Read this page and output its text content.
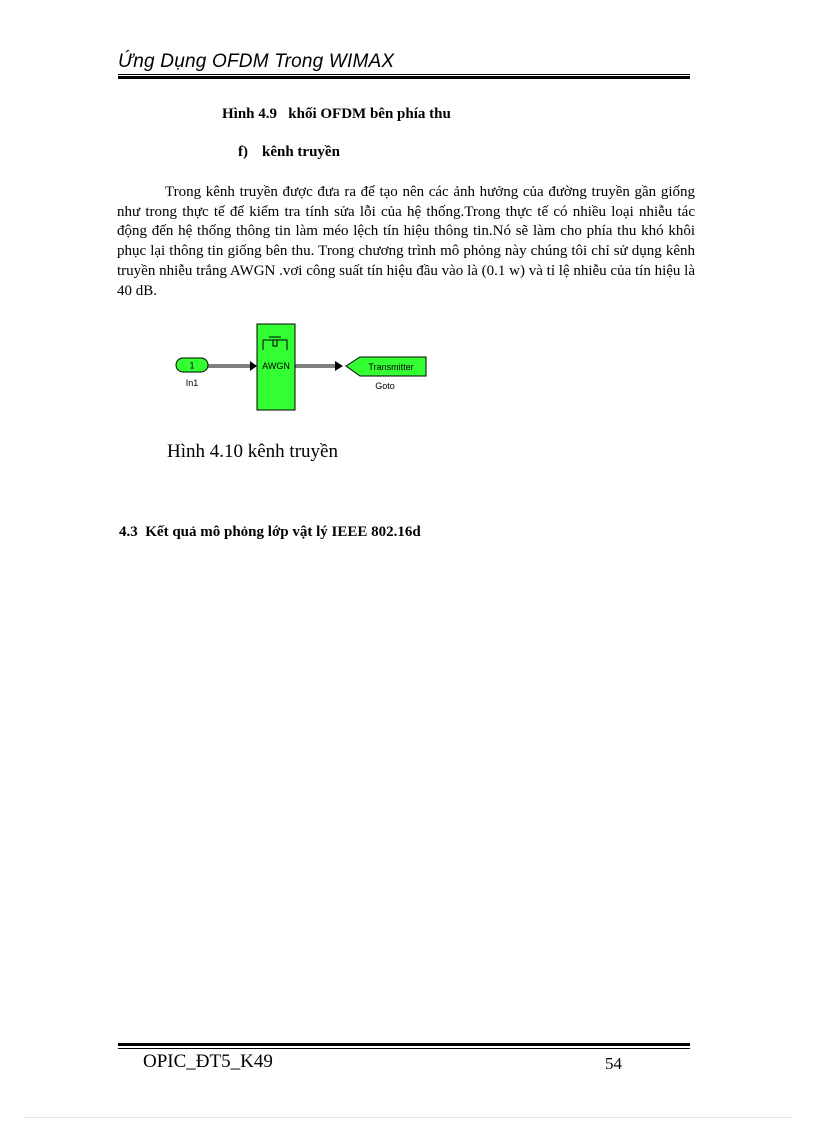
Ứng Dụng OFDM Trong WIMAX
Hình 4.9   khối OFDM bên phía thu
f) kênh truyền
Trong kênh truyền được đưa ra để tạo nên các ảnh hưởng của đường truyền gần giống như trong thực tế để kiểm tra tính sửa lỗi của hệ thống.Trong thực tế có nhiều loại nhiễu tác động đến hệ thống thông tin làm méo lệch tín hiệu thông tin.Nó sẽ làm cho phía thu khó khôi phục lại thông tin giống bên thu. Trong chương trình mô phỏng này chúng tôi chỉ sử dụng kênh truyền nhiễu trắng AWGN .vơi công suất tín hiệu đầu vào là (0.1 w) và tỉ lệ nhiễu của tín hiệu là 40 dB.
1
In1
AWGN	Transmitter
Goto
Hình 4.10 kênh truyền
4.3  Kết quả mô phỏng lớp vật lý IEEE 802.16d
OPIC_ĐT5_K49	54
